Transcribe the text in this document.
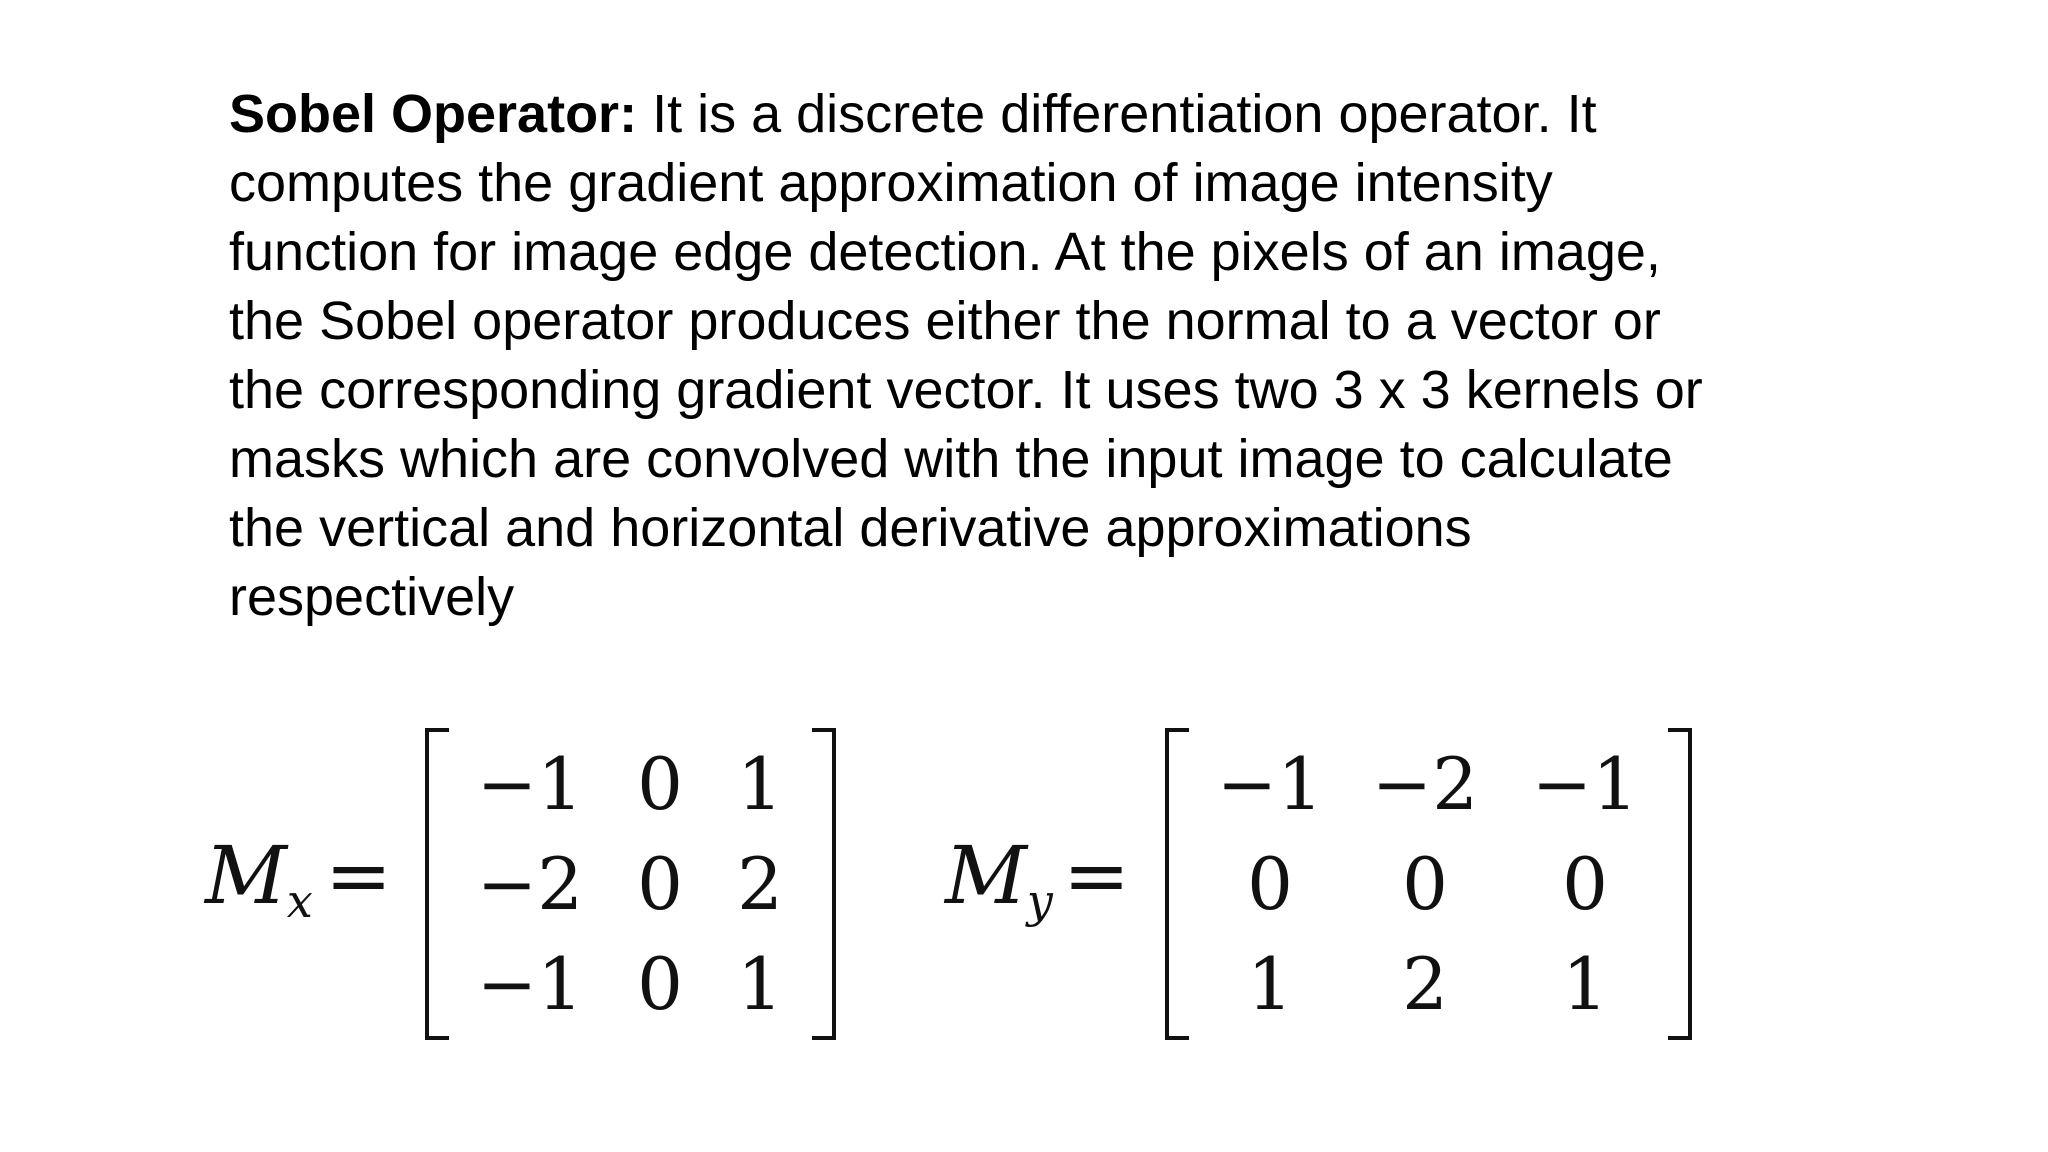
Sobel Operator: It is a discrete differentiation operator. It
computes the gradient approximation of image intensity
function for image edge detection. At the pixels of an image,
the Sobel operator produces either the normal to a vector or
the corresponding gradient vector. It uses two 3 x 3 kernels or
masks which are convolved with the input image to calculate
the vertical and horizontal derivative approximations
respectively
$M_x$ =
−1 0 1
−2 0 2
−1 0 1
$M_y$ =
−1 −2 −1
0	0	0
1	2	1
